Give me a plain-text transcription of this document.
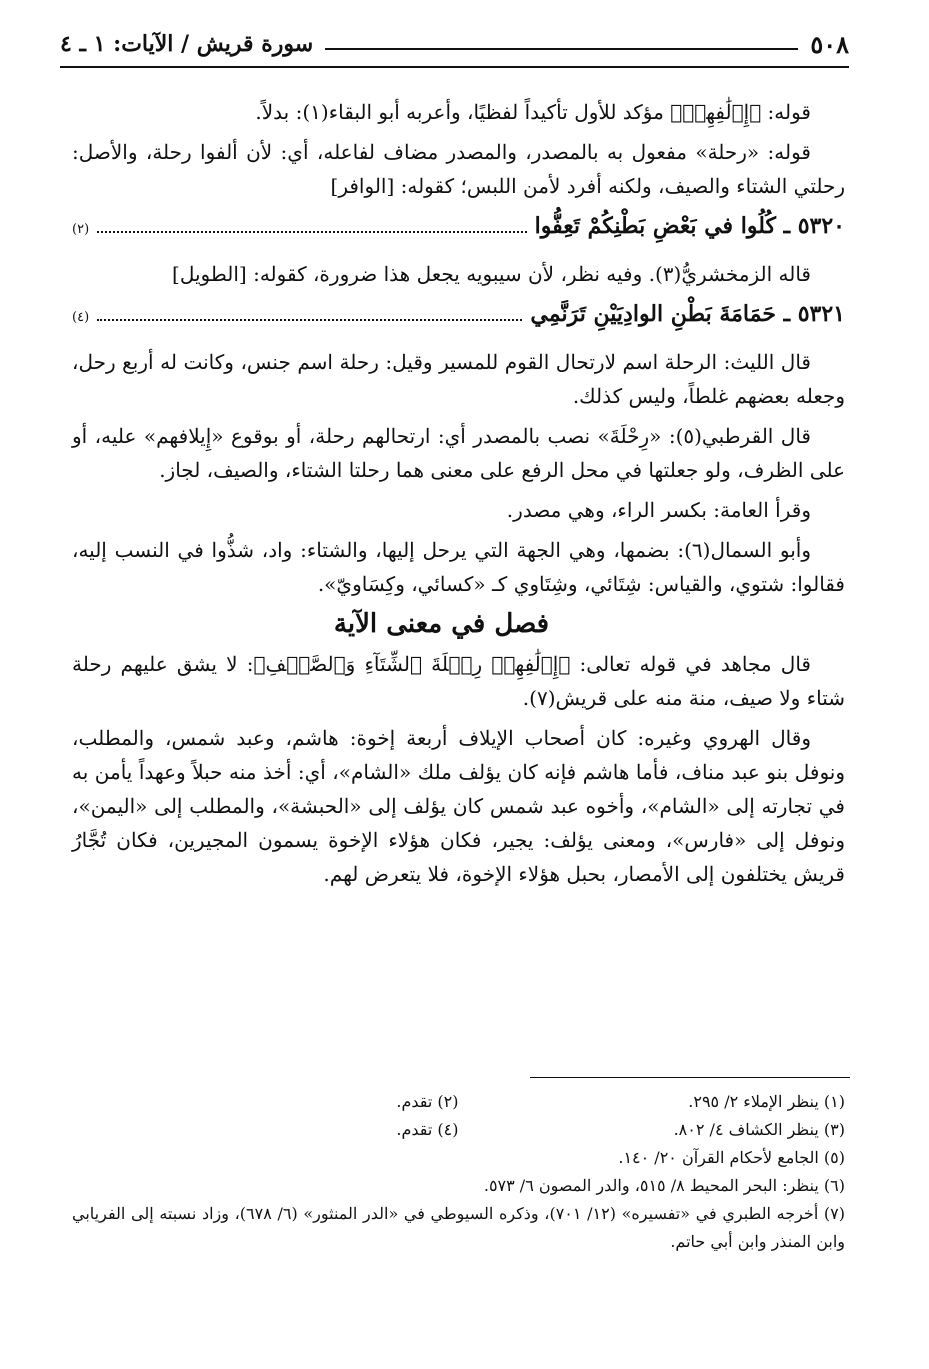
٥٠٨
سورة قريش / الآيات: ١ ـ ٤

قوله: ﴿إِۦلَٰفِهِمۡ﴾ مؤكد للأول تأكيداً لفظيًا، وأعربه أبو البقاء(١): بدلاً.

قوله: «رحلة» مفعول به بالمصدر، والمصدر مضاف لفاعله، أي: لأن ألفوا رحلة، والأصل: رحلتي الشتاء والصيف، ولكنه أفرد لأمن اللبس؛ كقوله: [الوافر]

٥٣٢٠ ـ كُلُوا في بَعْضِ بَطْنِكُمْ تَعِفُّوا
(٢)

قاله الزمخشريُّ(٣). وفيه نظر، لأن سيبويه يجعل هذا ضرورة، كقوله: [الطويل]

٥٣٢١ ـ حَمَامَةَ بَطْنِ الوادِيَيْنِ تَرَنَّمِي
(٤)

قال الليث: الرحلة اسم لارتحال القوم للمسير وقيل: رحلة اسم جنس، وكانت له أربع رحل، وجعله بعضهم غلطاً، وليس كذلك.

قال القرطبي(٥): «رِحْلَةَ» نصب بالمصدر أي: ارتحالهم رحلة، أو بوقوع «إِيلافهم» عليه، أو على الظرف، ولو جعلتها في محل الرفع على معنى هما رحلتا الشتاء، والصيف، لجاز.

وقرأ العامة: بكسر الراء، وهي مصدر.

وأبو السمال(٦): بضمها، وهي الجهة التي يرحل إليها، والشتاء: واد، شذُّوا في النسب إليه، فقالوا: شتوي، والقياس: شِتَائي، وشِتَاوي كـ «كسائي، وكِسَاويّ».

فصل في معنى الآية

قال مجاهد في قوله تعالى: ﴿إِۦلَٰفِهِمۡ رِحۡلَةَ ٱلشِّتَآءِ وَٱلصَّيۡفِ﴾: لا يشق عليهم رحلة شتاء ولا صيف، منة منه على قريش(٧).

وقال الهروي وغيره: كان أصحاب الإيلاف أربعة إخوة: هاشم، وعبد شمس، والمطلب، ونوفل بنو عبد مناف، فأما هاشم فإنه كان يؤلف ملك «الشام»، أي: أخذ منه حبلاً وعهداً يأمن به في تجارته إلى «الشام»، وأخوه عبد شمس كان يؤلف إلى «الحبشة»، والمطلب إلى «اليمن»، ونوفل إلى «فارس»، ومعنى يؤلف: يجير، فكان هؤلاء الإخوة يسمون المجيرين، فكان تُجَّارُ قريش يختلفون إلى الأمصار، بحبل هؤلاء الإخوة، فلا يتعرض لهم.

(١) ينظر الإملاء ٢/ ٢٩٥.
(٢) تقدم.
(٣) ينظر الكشاف ٤/ ٨٠٢.
(٤) تقدم.
(٥) الجامع لأحكام القرآن ٢٠/ ١٤٠.
(٦) ينظر: البحر المحيط ٨/ ٥١٥، والدر المصون ٦/ ٥٧٣.
(٧) أخرجه الطبري في «تفسيره» (١٢/ ٧٠١)، وذكره السيوطي في «الدر المنثور» (٦/ ٦٧٨)، وزاد نسبته إلى الفريابي وابن المنذر وابن أبي حاتم.
